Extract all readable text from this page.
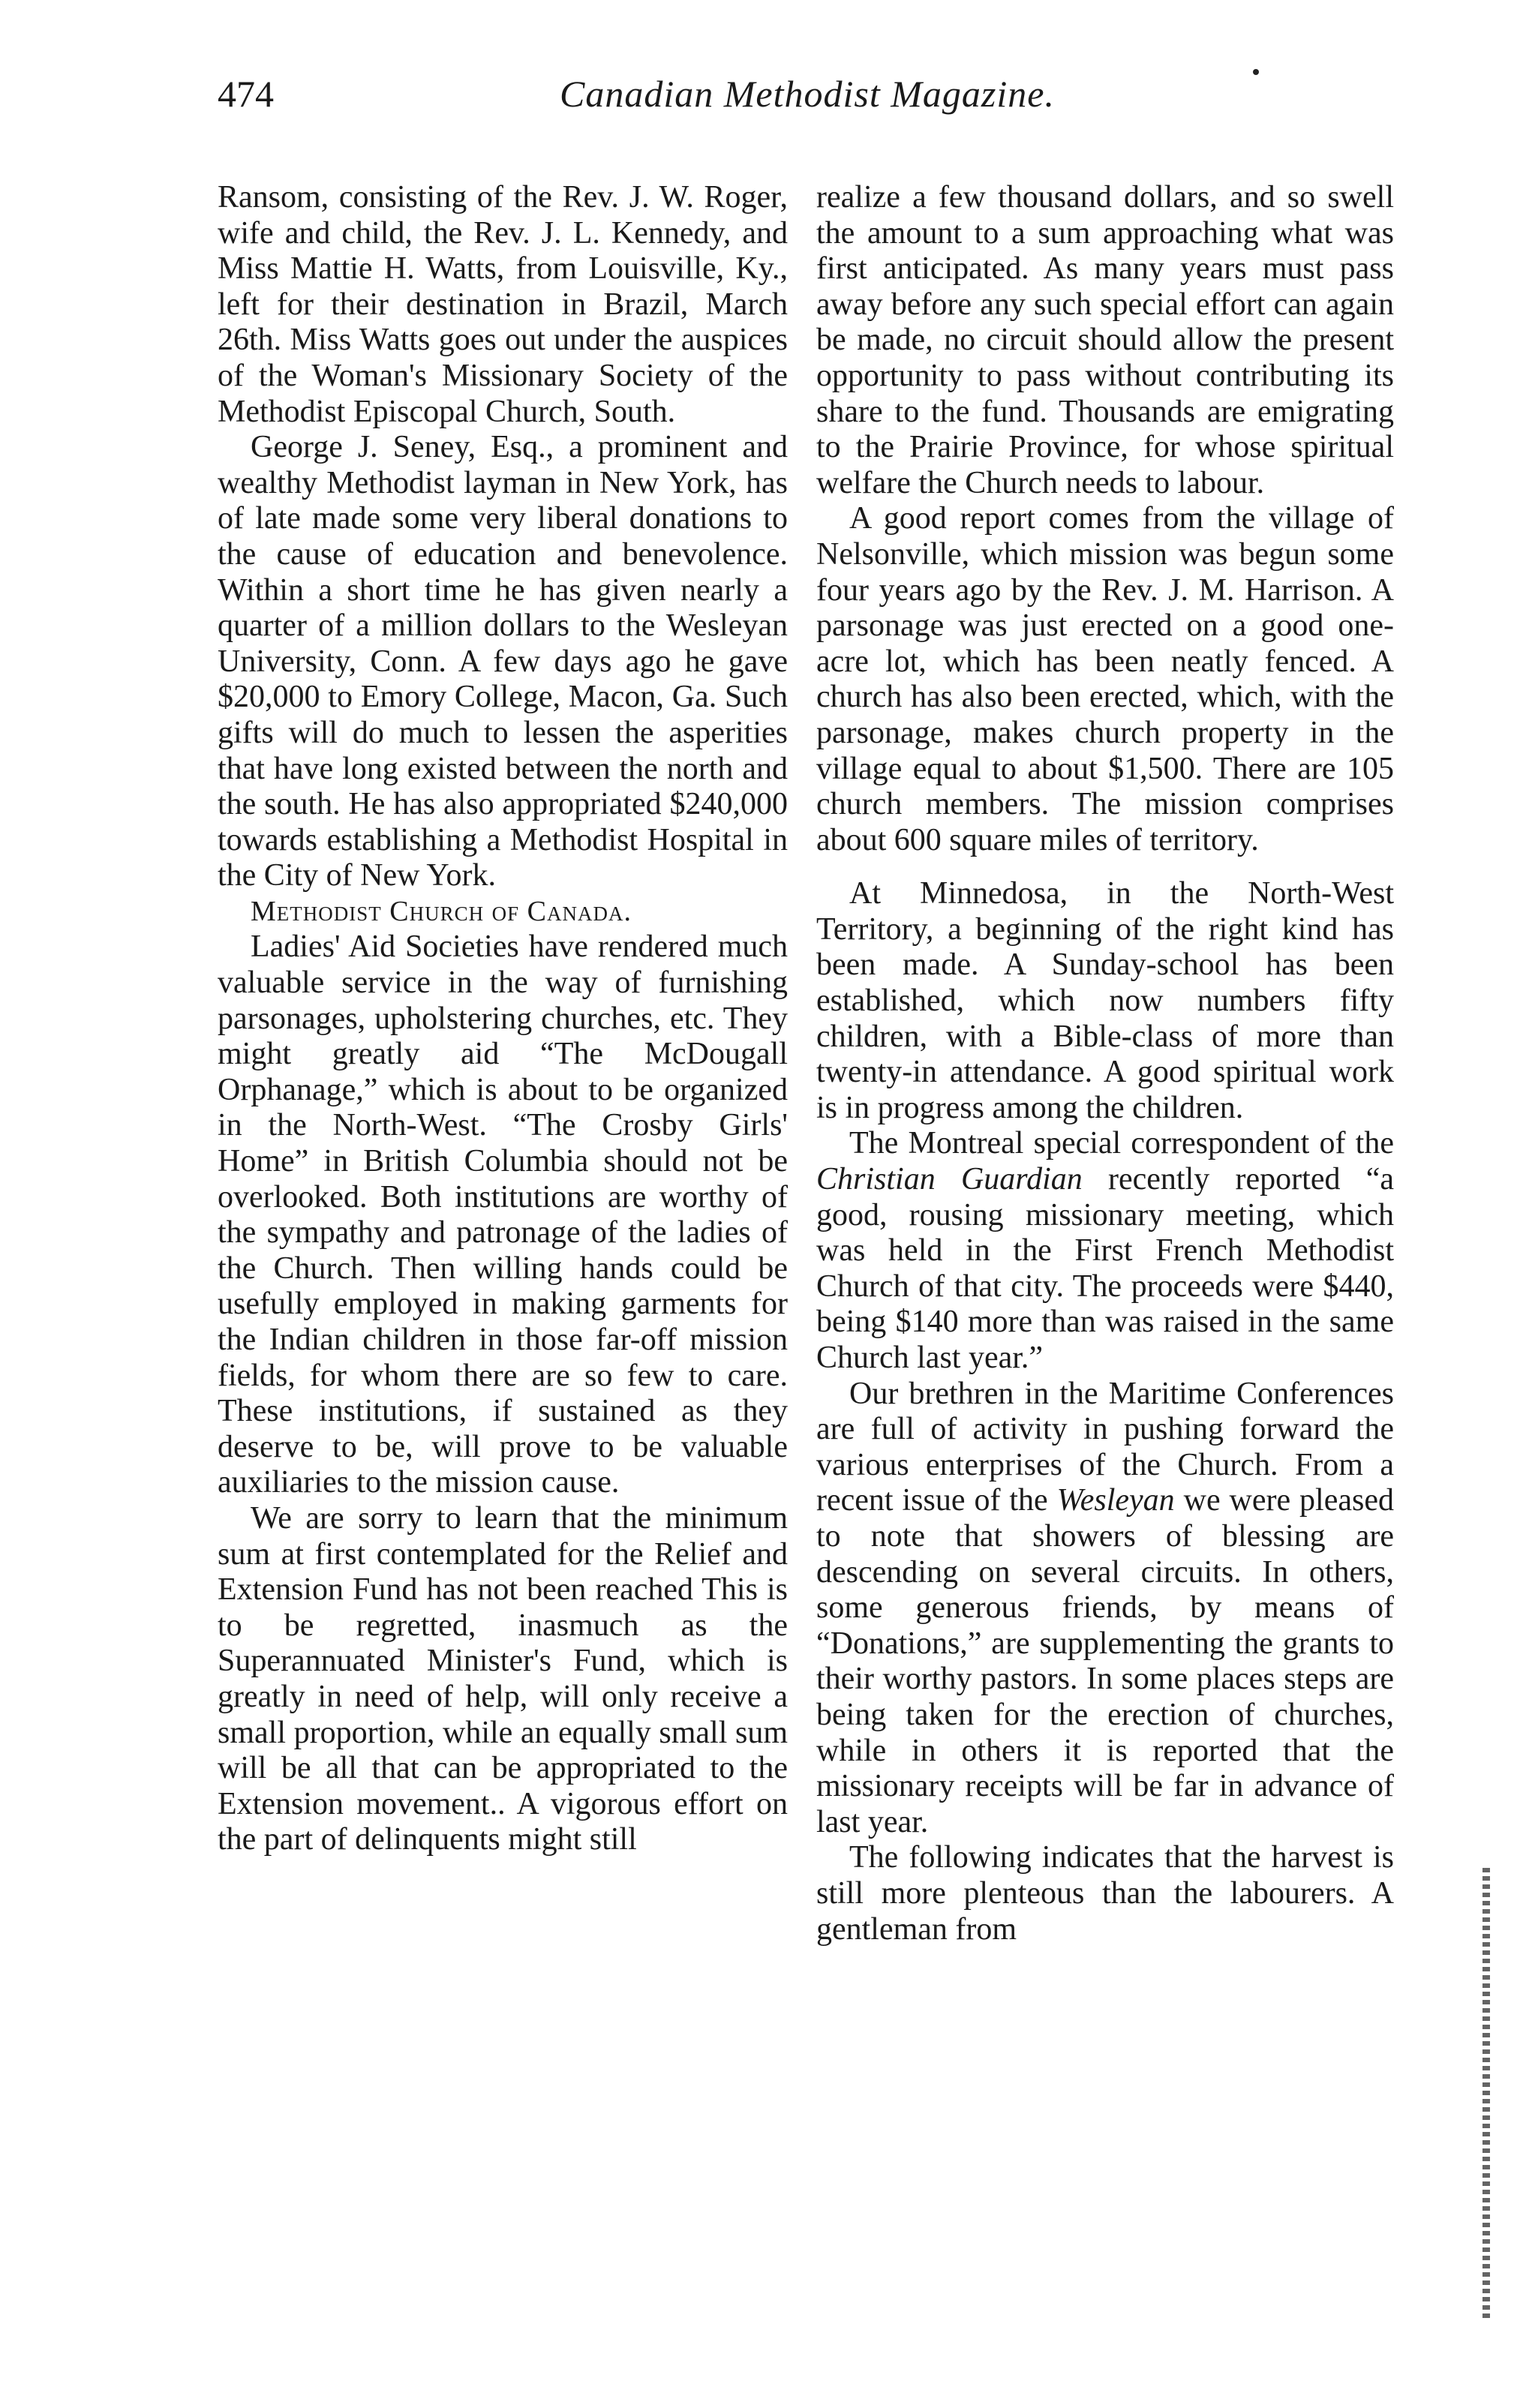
474	Canadian Methodist Magazine.

Ransom, consisting of the Rev. J. W. Roger, wife and child, the Rev. J. L. Kennedy, and Miss Mattie H. Watts, from Louisville, Ky., left for their destination in Brazil, March 26th. Miss Watts goes out under the auspices of the Woman's Missionary Society of the Methodist Episcopal Church, South.

George J. Seney, Esq., a prominent and wealthy Methodist layman in New York, has of late made some very liberal donations to the cause of education and benevolence. Within a short time he has given nearly a quarter of a million dollars to the Wesleyan University, Conn. A few days ago he gave $20,000 to Emory College, Macon, Ga. Such gifts will do much to lessen the asperities that have long existed between the north and the south. He has also appropriated $240,000 towards establishing a Methodist Hospital in the City of New York.

Methodist Church of Canada.

Ladies' Aid Societies have rendered much valuable service in the way of furnishing parsonages, upholstering churches, etc. They might greatly aid “The McDougall Orphanage,” which is about to be organized in the North-West. “The Crosby Girls' Home” in British Columbia should not be overlooked. Both institutions are worthy of the sympathy and patronage of the ladies of the Church. Then willing hands could be usefully employed in making garments for the Indian children in those far-off mission fields, for whom there are so few to care. These institutions, if sustained as they deserve to be, will prove to be valuable auxiliaries to the mission cause.

We are sorry to learn that the minimum sum at first contemplated for the Relief and Extension Fund has not been reached This is to be regretted, inasmuch as the Superannuated Minister's Fund, which is greatly in need of help, will only receive a small proportion, while an equally small sum will be all that can be appropriated to the Extension movement.. A vigorous effort on the part of delinquents might still

realize a few thousand dollars, and so swell the amount to a sum approaching what was first anticipated. As many years must pass away before any such special effort can again be made, no circuit should allow the present opportunity to pass without contributing its share to the fund. Thousands are emigrating to the Prairie Province, for whose spiritual welfare the Church needs to labour.

A good report comes from the village of Nelsonville, which mission was begun some four years ago by the Rev. J. M. Harrison. A parsonage was just erected on a good one-acre lot, which has been neatly fenced. A church has also been erected, which, with the parsonage, makes church property in the village equal to about $1,500. There are 105 church members. The mission comprises about 600 square miles of territory.

At Minnedosa, in the North-West Territory, a beginning of the right kind has been made. A Sunday-school has been established, which now numbers fifty children, with a Bible-class of more than twenty-in attendance. A good spiritual work is in progress among the children.

The Montreal special correspondent of the Christian Guardian recently reported “a good, rousing missionary meeting, which was held in the First French Methodist Church of that city. The proceeds were $440, being $140 more than was raised in the same Church last year.”

Our brethren in the Maritime Conferences are full of activity in pushing forward the various enterprises of the Church. From a recent issue of the Wesleyan we were pleased to note that showers of blessing are descending on several circuits. In others, some generous friends, by means of “Donations,” are supplementing the grants to their worthy pastors. In some places steps are being taken for the erection of churches, while in others it is reported that the missionary receipts will be far in advance of last year.

The following indicates that the harvest is still more plenteous than the labourers. A gentleman from
